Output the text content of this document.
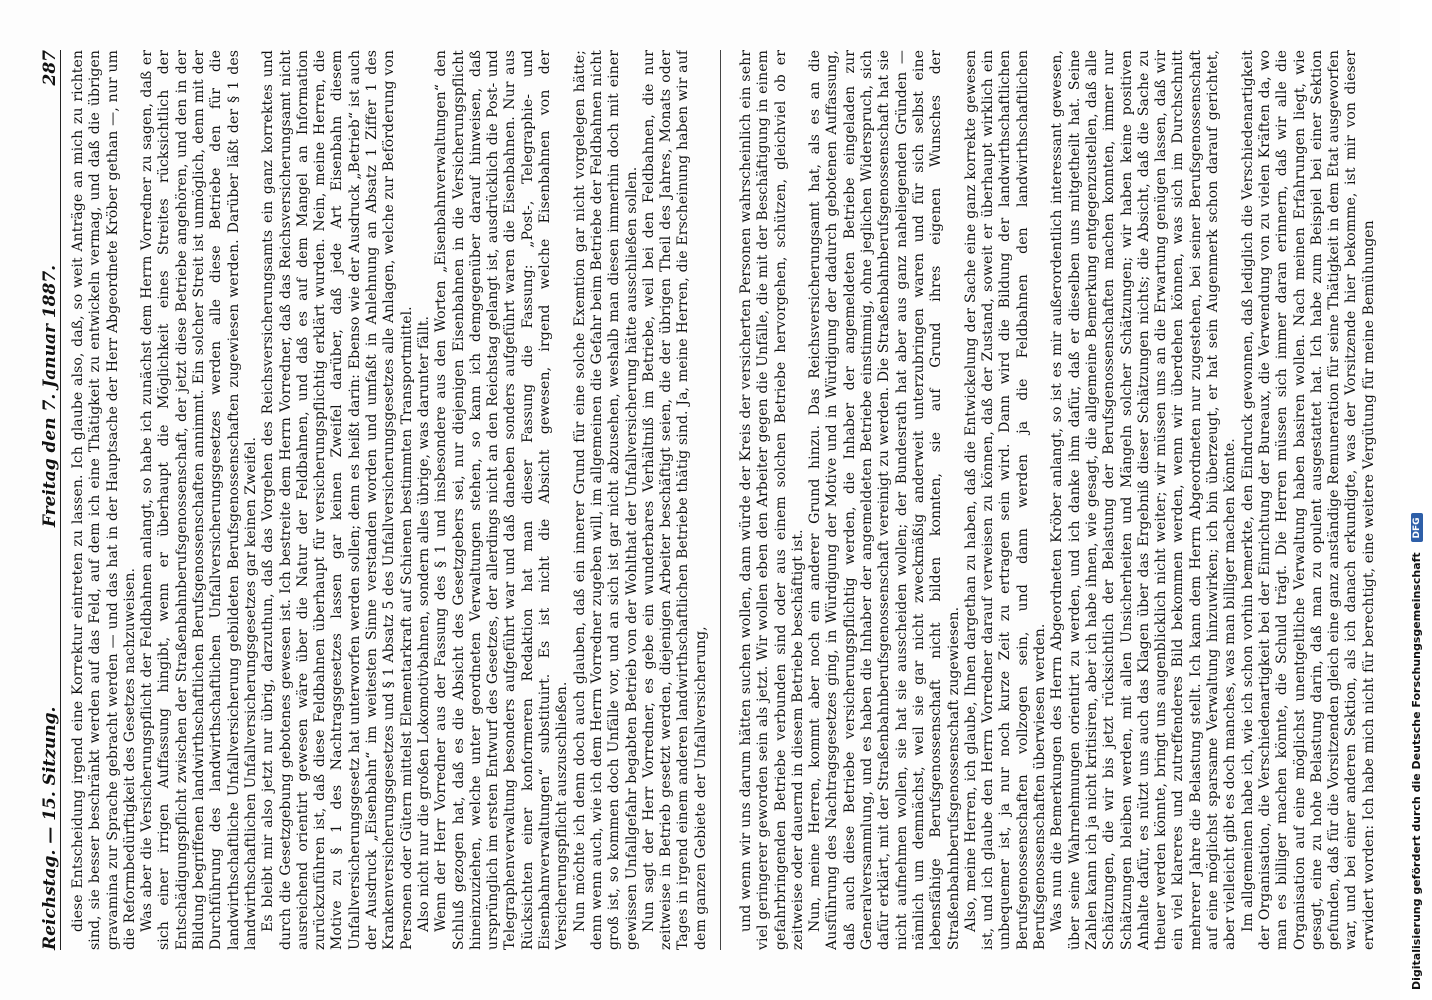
Reichstag. — 15. Sitzung.
Freitag den 7. Januar 1887.
287 diese Entscheidung irgend eine Korrektur eintreten zu lassen. Ich glaube also, daß, so weit Anträge an mich zu richten sind, sie besser beschränkt werden auf das Feld, auf dem ich eine Thätigkeit zu entwickeln vermag, und daß die übrigen gravamina zur Sprache gebracht werden — und das hat in der Hauptsache der Herr Abgeordnete Kröber gethan —, nur um die Reformbedürftigkeit des Gesetzes nachzuweisen. Was aber die Versicherungspflicht der Feldbahnen anlangt, so habe ich zunächst dem Herrn Vorredner zu sagen, daß er sich einer irrigen Auffassung hingibt, wenn er überhaupt die Möglichkeit eines Streites rücksichtlich der Entschädigungspflicht zwischen der Straßenbahnberufsgenossenschaft, der jetzt diese Betriebe angehören, und den in der Bildung begriffenen landwirthschaftlichen Berufsgenossenschaften annimmt. Ein solcher Streit ist unmöglich, denn mit der Durchführung des landwirthschaftlichen Unfallversicherungsgesetzes werden alle diese Betriebe den für die landwirthschaftliche Unfallversicherung gebildeten Berufsgenossenschaften zugewiesen werden. Darüber läßt der § 1 des landwirthschaftlichen Unfallversicherungsgesetzes gar keinen Zweifel. Es bleibt mir also jetzt nur übrig, darzuthun, daß das Vorgehen des Reichsversicherungsamts ein ganz korrektes und durch die Gesetzgebung gebotenes gewesen ist. Ich bestreite dem Herrn Vorredner, daß das Reichsversicherungsamt nicht ausreichend orientirt gewesen wäre über die Natur der Feldbahnen, und daß es auf dem Mangel an Information zurückzuführen ist, daß diese Feldbahnen überhaupt für versicherungspflichtig erklärt wurden. Nein, meine Herren, die Motive zu § 1 des Nachtragsgesetzes lassen gar keinen Zweifel darüber, daß jede Art Eisenbahn diesem Unfallversicherungsgesetz hat unterworfen werden sollen; denn es heißt darin: Ebenso wie der Ausdruck „Betrieb“ ist auch der Ausdruck „Eisenbahn“ im weitesten Sinne verstanden worden und umfaßt in Anlehnung an Absatz 1 Ziffer 1 des Krankenversicherungsgesetzes und § 1 Absatz 5 des Unfallversicherungsgesetzes alle Anlagen, welche zur Beförderung von Personen oder Gütern mittelst Elementarkraft auf Schienen bestimmten Transportmittel. Also nicht nur die großen Lokomotivbahnen, sondern alles übrige, was darunter fällt. Wenn der Herr Vorredner aus der Fassung des § 1 und insbesondere aus den Worten „Eisenbahnverwaltungen“ den Schluß gezogen hat, daß es die Absicht des Gesetzgebers sei, nur diejenigen Eisenbahnen in die Versicherungspflicht hineinzuziehen, welche unter geordneten Verwaltungen stehen, so kann ich demgegenüber darauf hinweisen, daß ursprünglich im ersten Entwurf des Gesetzes, der allerdings nicht an den Reichstag gelangt ist, ausdrücklich die Post- und Telegraphenverwaltung besonders aufgeführt war und daß daneben sonders aufgeführt waren die Eisenbahnen. Nur aus Rücksichten einer konformeren Redaktion hat man dieser Fassung die Fassung: „Post-, Telegraphie- und Eisenbahnverwaltungen“ substituirt. Es ist nicht die Absicht gewesen, irgend welche Eisenbahnen von der Versicherungspflicht auszuschließen. Nun möchte ich denn doch auch glauben, daß ein innerer Grund für eine solche Exemtion gar nicht vorgelegen hätte; denn wenn auch, wie ich dem Herrn Vorredner zugeben will, im allgemeinen die Gefahr beim Betriebe der Feldbahnen nicht groß ist, so kommen doch Unfälle vor, und an sich ist gar nicht abzusehen, weshalb man diesen immerhin doch mit einer gewissen Unfallgefahr begabten Betrieb von der Wohlthat der Unfallversicherung hätte ausschließen sollen. Nun sagt der Herr Vorredner, es gebe ein wunderbares Verhältniß im Betriebe, weil bei den Feldbahnen, die nur zeitweise in Betrieb gesetzt werden, diejenigen Arbeiter beschäftigt seien, die der übrigen Theil des Jahres, Monats oder Tages in irgend einem anderen landwirthschaftlichen Betriebe thätig sind. Ja, meine Herren, die Erscheinung haben wir auf dem ganzen Gebiete der Unfallversicherung, und wenn wir uns darum hätten suchen wollen, dann würde der Kreis der versicherten Personen wahrscheinlich ein sehr viel geringerer geworden sein als jetzt. Wir wollen eben den Arbeiter gegen die Unfälle, die mit der Beschäftigung in einem gefahrbringenden Betriebe verbunden sind oder aus einem solchen Betriebe hervorgehen, schützen, gleichviel ob er zeitweise oder dauernd in diesem Betriebe beschäftigt ist. Nun, meine Herren, kommt aber noch ein anderer Grund hinzu. Das Reichsversicherungsamt hat, als es an die Ausführung des Nachtragsgesetzes ging, in Würdigung der Motive und in Würdigung der dadurch gebotenen Auffassung, daß auch diese Betriebe versicherungspflichtig werden, die Inhaber der angemeldeten Betriebe eingeladen zur Generalversammlung, und es haben die Inhaber der angemeldeten Betriebe einstimmig, ohne jeglichen Widerspruch, sich dafür erklärt, mit der Straßenbahnberufsgenossenschaft vereinigt zu werden. Die Straßenbahnberufsgenossenschaft hat sie nicht aufnehmen wollen, sie hat sie ausscheiden wollen; der Bundesrath hat aber aus ganz naheliegenden Gründen — nämlich um demnächst, weil sie gar nicht zweckmäßig anderweit unterzubringen waren und für sich selbst eine lebensfähige Berufsgenossenschaft nicht bilden konnten, sie auf Grund ihres eigenen Wunsches der Straßenbahnberufsgenossenschaft zugewiesen. Also, meine Herren, ich glaube, Ihnen dargethan zu haben, daß die Entwickelung der Sache eine ganz korrekte gewesen ist, und ich glaube den Herrn Vorredner darauf verweisen zu können, daß der Zustand, soweit er überhaupt wirklich ein unbequemer ist, ja nur noch kurze Zeit zu ertragen sein wird. Dann wird die Bildung der landwirthschaftlichen Berufsgenossenschaften vollzogen sein, und dann werden ja die Feldbahnen den landwirthschaftlichen Berufsgenossenschaften überwiesen werden. Was nun die Bemerkungen des Herrn Abgeordneten Kröber anlangt, so ist es mir außerordentlich interessant gewesen, über seine Wahrnehmungen orientirt zu werden, und ich danke ihm dafür, daß er dieselben uns mitgetheilt hat. Seine Zahlen kann ich ja nicht kritisiren, aber ich habe ihnen, wie gesagt, die allgemeine Bemerkung entgegenzustellen, daß alle Schätzungen, die wir bis jetzt rücksichtlich der Belastung der Berufsgenossenschaften machen konnten, immer nur Schätzungen bleiben werden, mit allen Unsicherheiten und Mängeln solcher Schätzungen; wir haben keine positiven Anhalte dafür, es nützt uns auch das Klagen über das Ergebniß dieser Schätzungen nichts; die Absicht, daß die Sache zu theuer werden könnte, bringt uns augenblicklich nicht weiter; wir müssen uns an die Erwartung genügen lassen, daß wir ein viel klareres und zutreffenderes Bild bekommen werden, wenn wir überdehen können, was sich im Durchschnitt mehrerer Jahre die Belastung stellt. Ich kann dem Herrn Abgeordneten nur zugestehen, bei seiner Berufsgenossenschaft auf eine möglichst sparsame Verwaltung hinzuwirken; ich bin überzeugt, er hat sein Augenmerk schon darauf gerichtet, aber vielleicht gibt es doch manches, was man billiger machen könnte. Im allgemeinen habe ich, wie ich schon vorhin bemerkte, den Eindruck gewonnen, daß lediglich die Verschiedenartigkeit der Organisation, die Verschiedenartigkeit bei der Einrichtung der Bureaux, die Verwendung von zu vielen Kräften da, wo man es billiger machen könnte, die Schuld trägt. Die Herren müssen sich immer daran erinnern, daß wir alle die Organisation auf eine möglichst unentgeltliche Verwaltung haben basiren wollen. Nach meinen Erfahrungen liegt, wie gesagt, eine zu hohe Belastung darin, daß man zu opulent ausgestattet hat. Ich habe zum Beispiel bei einer Sektion gefunden, daß für die Vorsitzenden gleich eine ganz anständige Remuneration für seine Thätigkeit in dem Etat ausgeworfen war, und bei einer anderen Sektion, als ich danach erkundigte, was der Vorsitzende hier bekomme, ist mir von dieser erwidert worden: Ich habe mich nicht für berechtigt, eine weitere Vergütung für meine Bemühungen	Digitalisierung gefördert durch die Deutsche Forschungsgemeinschaft DFG
